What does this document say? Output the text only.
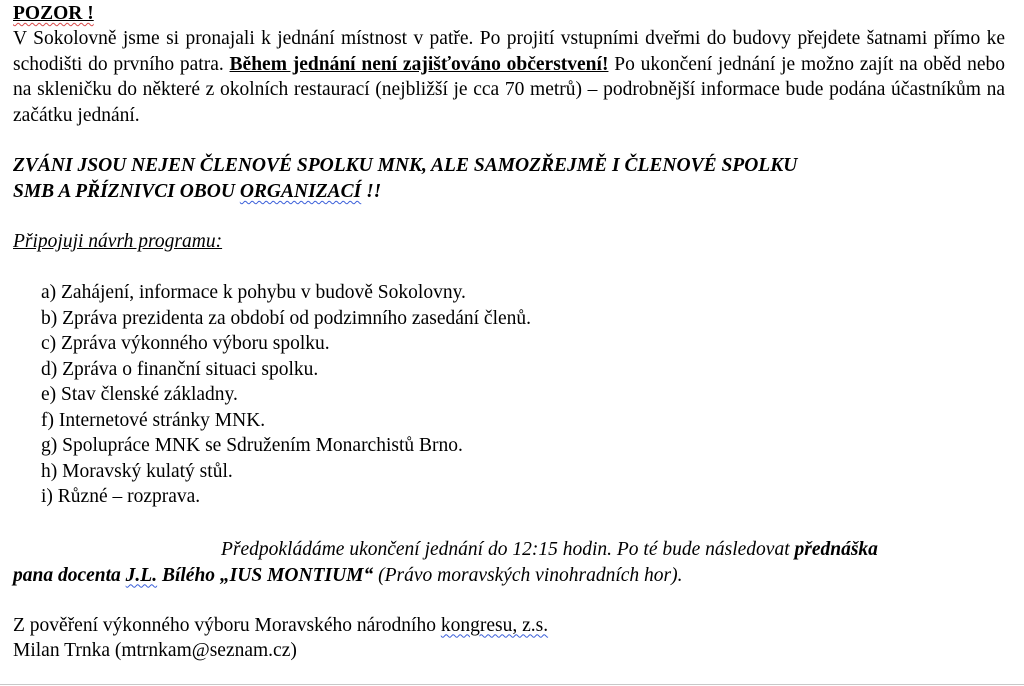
POZOR !

V Sokolovně jsme si pronajali k jednání místnost v patře. Po projití vstupními dveřmi do budovy přejdete šatnami přímo ke schodišti do prvního patra. Během jednání není zajišťováno občerstvení! Po ukončení jednání je možno zajít na oběd nebo na skleničku do některé z okolních restaurací (nejbližší je cca 70 metrů) – podrobnější informace bude podána účastníkům na začátku jednání.

ZVÁNI JSOU NEJEN ČLENOVÉ SPOLKU MNK, ALE SAMOZŘEJMĚ I ČLENOVÉ SPOLKU
SMB A PŘÍZNIVCI OBOU ORGANIZACÍ !!

Připojuji návrh programu:

a) Zahájení, informace k pohybu v budově Sokolovny.
b) Zpráva prezidenta za období od podzimního zasedání členů.
c) Zpráva výkonného výboru spolku.
d) Zpráva o finanční situaci spolku.
e) Stav členské základny.
f) Internetové stránky MNK.
g) Spolupráce MNK se Sdružením Monarchistů Brno.
h) Moravský kulatý stůl.
i) Různé – rozprava.

Předpokládáme ukončení jednání do 12:15 hodin. Po té bude následovat přednáška
pana docenta J.L. Bílého „IUS MONTIUM“ (Právo moravských vinohradních hor).

Z pověření výkonného výboru Moravského národního kongresu, z.s.

Milan Trnka (mtrnkam@seznam.cz)
